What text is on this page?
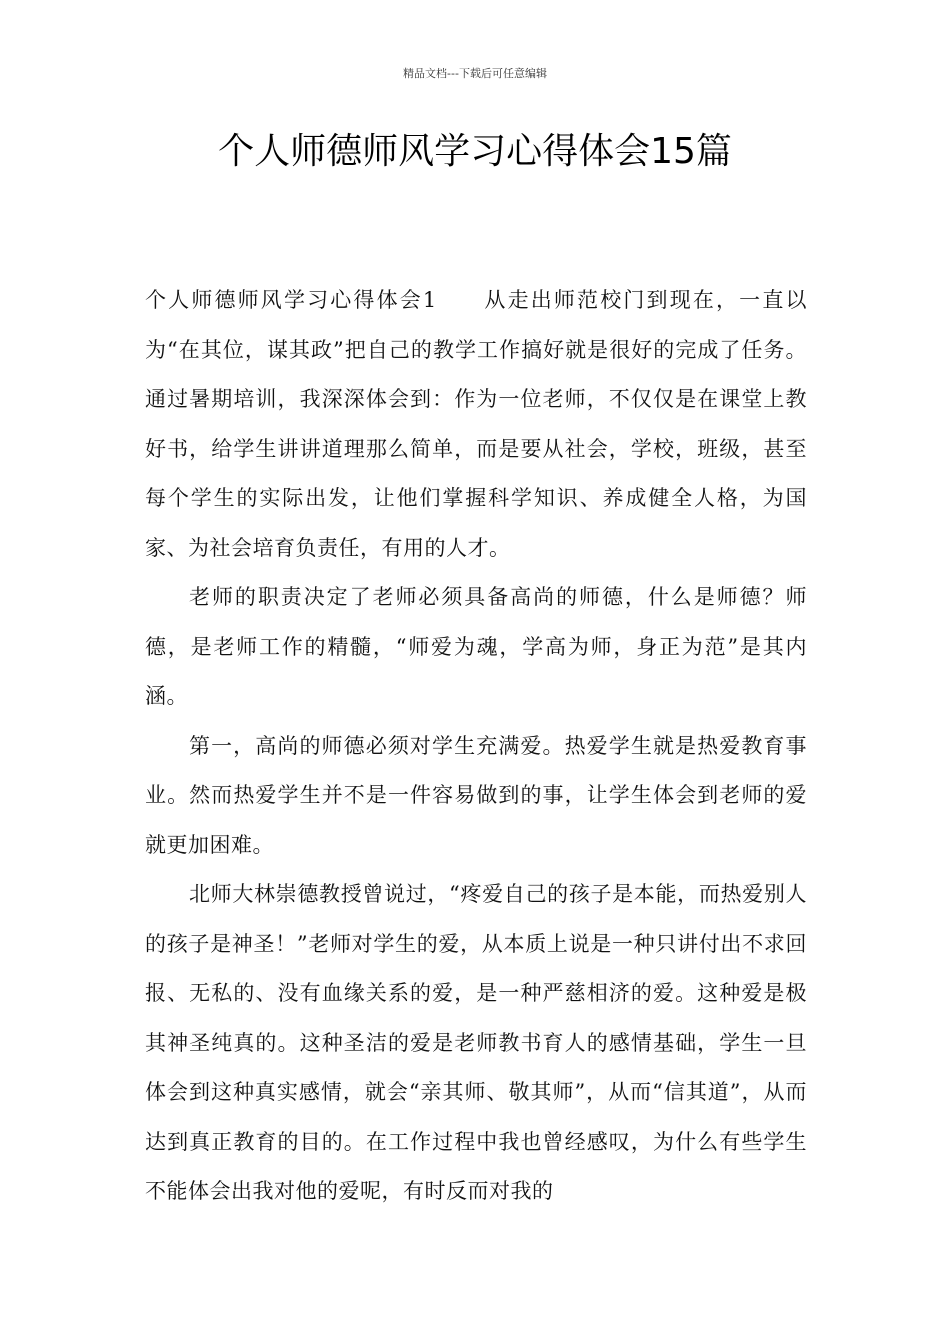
精品文档---下载后可任意编辑
个人师德师风学习心得体会15篇

个人师德师风学习心得体会1 从走出师范校门到现在，一直以为“在其位，谋其政”把自己的教学工作搞好就是很好的完成了任务。通过暑期培训，我深深体会到：作为一位老师，不仅仅是在课堂上教好书，给学生讲讲道理那么简单，而是要从社会，学校，班级，甚至每个学生的实际出发，让他们掌握科学知识、养成健全人格，为国家、为社会培育负责任，有用的人才。

老师的职责决定了老师必须具备高尚的师德，什么是师德？师德，是老师工作的精髓，“师爱为魂，学高为师，身正为范”是其内涵。

第一，高尚的师德必须对学生充满爱。热爱学生就是热爱教育事业。然而热爱学生并不是一件容易做到的事，让学生体会到老师的爱就更加困难。

北师大林崇德教授曾说过，“疼爱自己的孩子是本能，而热爱别人的孩子是神圣！”老师对学生的爱，从本质上说是一种只讲付出不求回报、无私的、没有血缘关系的爱，是一种严慈相济的爱。这种爱是极其神圣纯真的。这种圣洁的爱是老师教书育人的感情基础，学生一旦体会到这种真实感情，就会“亲其师、敬其师”，从而“信其道”，从而达到真正教育的目的。在工作过程中我也曾经感叹，为什么有些学生不能体会出我对他的爱呢，有时反而对我的
